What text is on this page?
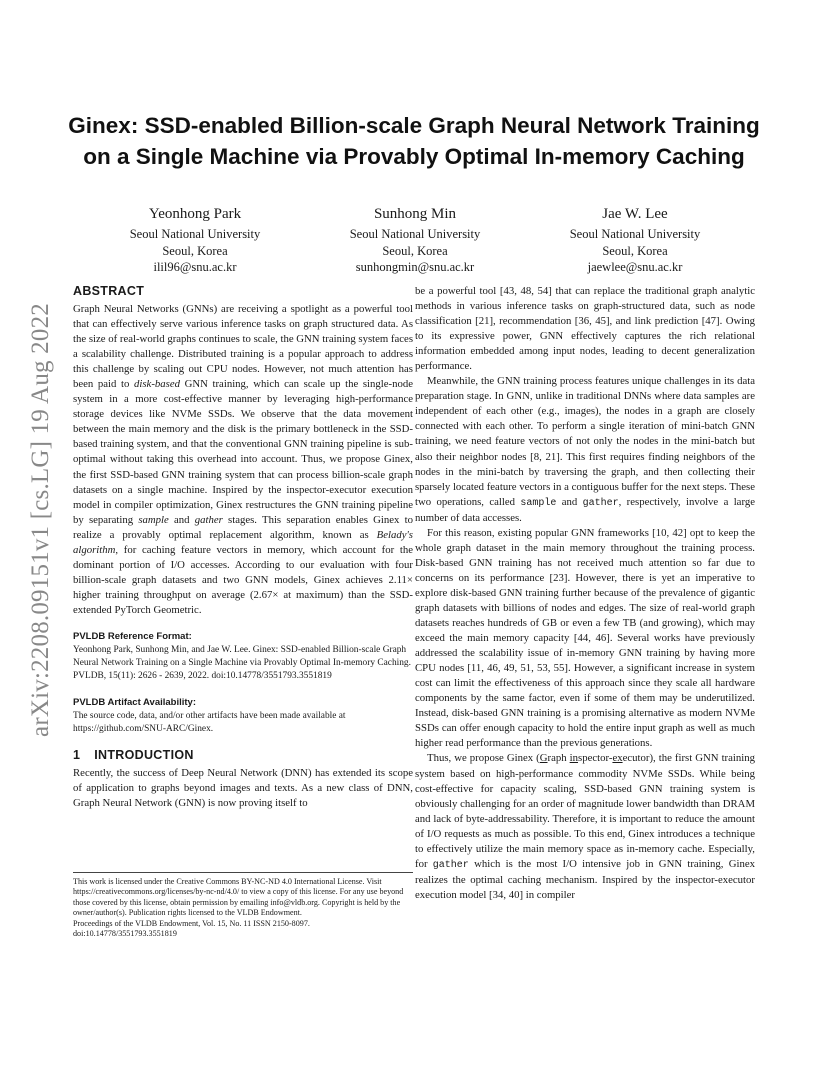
arXiv:2208.09151v1 [cs.LG] 19 Aug 2022
Ginex: SSD-enabled Billion-scale Graph Neural Network Training on a Single Machine via Provably Optimal In-memory Caching
Yeonhong Park
Seoul National University
Seoul, Korea
ilil96@snu.ac.kr
Sunhong Min
Seoul National University
Seoul, Korea
sunhongmin@snu.ac.kr
Jae W. Lee
Seoul National University
Seoul, Korea
jaewlee@snu.ac.kr
ABSTRACT

Graph Neural Networks (GNNs) are receiving a spotlight as a powerful tool that can effectively serve various inference tasks on graph structured data. As the size of real-world graphs continues to scale, the GNN training system faces a scalability challenge. Distributed training is a popular approach to address this challenge by scaling out CPU nodes. However, not much attention has been paid to disk-based GNN training, which can scale up the single-node system in a more cost-effective manner by leveraging high-performance storage devices like NVMe SSDs. We observe that the data movement between the main memory and the disk is the primary bottleneck in the SSD-based training system, and that the conventional GNN training pipeline is sub-optimal without taking this overhead into account. Thus, we propose Ginex, the first SSD-based GNN training system that can process billion-scale graph datasets on a single machine. Inspired by the inspector-executor execution model in compiler optimization, Ginex restructures the GNN training pipeline by separating sample and gather stages. This separation enables Ginex to realize a provably optimal replacement algorithm, known as Belady's algorithm, for caching feature vectors in memory, which account for the dominant portion of I/O accesses. According to our evaluation with four billion-scale graph datasets and two GNN models, Ginex achieves 2.11× higher training throughput on average (2.67× at maximum) than the SSD-extended PyTorch Geometric.

PVLDB Reference Format:

Yeonhong Park, Sunhong Min, and Jae W. Lee. Ginex: SSD-enabled Billion-scale Graph Neural Network Training on a Single Machine via Provably Optimal In-memory Caching. PVLDB, 15(11): 2626 - 2639, 2022. doi:10.14778/3551793.3551819

PVLDB Artifact Availability:

The source code, data, and/or other artifacts have been made available at https://github.com/SNU-ARC/Ginex.

1 INTRODUCTION

Recently, the success of Deep Neural Network (DNN) has extended its scope of application to graphs beyond images and texts. As a new class of DNN, Graph Neural Network (GNN) is now proving itself to

This work is licensed under the Creative Commons BY-NC-ND 4.0 International License. Visit https://creativecommons.org/licenses/by-nc-nd/4.0/ to view a copy of this license. For any use beyond those covered by this license, obtain permission by emailing info@vldb.org. Copyright is held by the owner/author(s). Publication rights licensed to the VLDB Endowment.

Proceedings of the VLDB Endowment, Vol. 15, No. 11 ISSN 2150-8097.

doi:10.14778/3551793.3551819

be a powerful tool [43, 48, 54] that can replace the traditional graph analytic methods in various inference tasks on graph-structured data, such as node classification [21], recommendation [36, 45], and link prediction [47]. Owing to its expressive power, GNN effectively captures the rich relational information embedded among input nodes, leading to decent generalization performance.

Meanwhile, the GNN training process features unique challenges in its data preparation stage. In GNN, unlike in traditional DNNs where data samples are independent of each other (e.g., images), the nodes in a graph are closely connected with each other. To perform a single iteration of mini-batch GNN training, we need feature vectors of not only the nodes in the mini-batch but also their neighbor nodes [8, 21]. This first requires finding neighbors of the nodes in the mini-batch by traversing the graph, and then collecting their sparsely located feature vectors in a contiguous buffer for the next steps. These two operations, called sample and gather, respectively, involve a large number of data accesses.

For this reason, existing popular GNN frameworks [10, 42] opt to keep the whole graph dataset in the main memory throughout the training process. Disk-based GNN training has not received much attention so far due to concerns on its performance [23]. However, there is yet an imperative to explore disk-based GNN training further because of the prevalence of gigantic graph datasets with billions of nodes and edges. The size of real-world graph datasets reaches hundreds of GB or even a few TB (and growing), which may exceed the main memory capacity [44, 46]. Several works have previously addressed the scalability issue of in-memory GNN training by having more CPU nodes [11, 46, 49, 51, 53, 55]. However, a significant increase in system cost can limit the effectiveness of this approach since they scale all hardware components by the same factor, even if some of them may be underutilized. Instead, disk-based GNN training is a promising alternative as modern NVMe SSDs can offer enough capacity to hold the entire input graph as well as much higher read performance than the previous generations.

Thus, we propose Ginex (Graph inspector-executor), the first GNN training system based on high-performance commodity NVMe SSDs. While being cost-effective for capacity scaling, SSD-based GNN training system is obviously challenging for an order of magnitude lower bandwidth than DRAM and lack of byte-addressability. Therefore, it is important to reduce the amount of I/O requests as much as possible. To this end, Ginex introduces a technique to effectively utilize the main memory space as in-memory cache. Especially, for gather which is the most I/O intensive job in GNN training, Ginex realizes the optimal caching mechanism. Inspired by the inspector-executor execution model [34, 40] in compiler
